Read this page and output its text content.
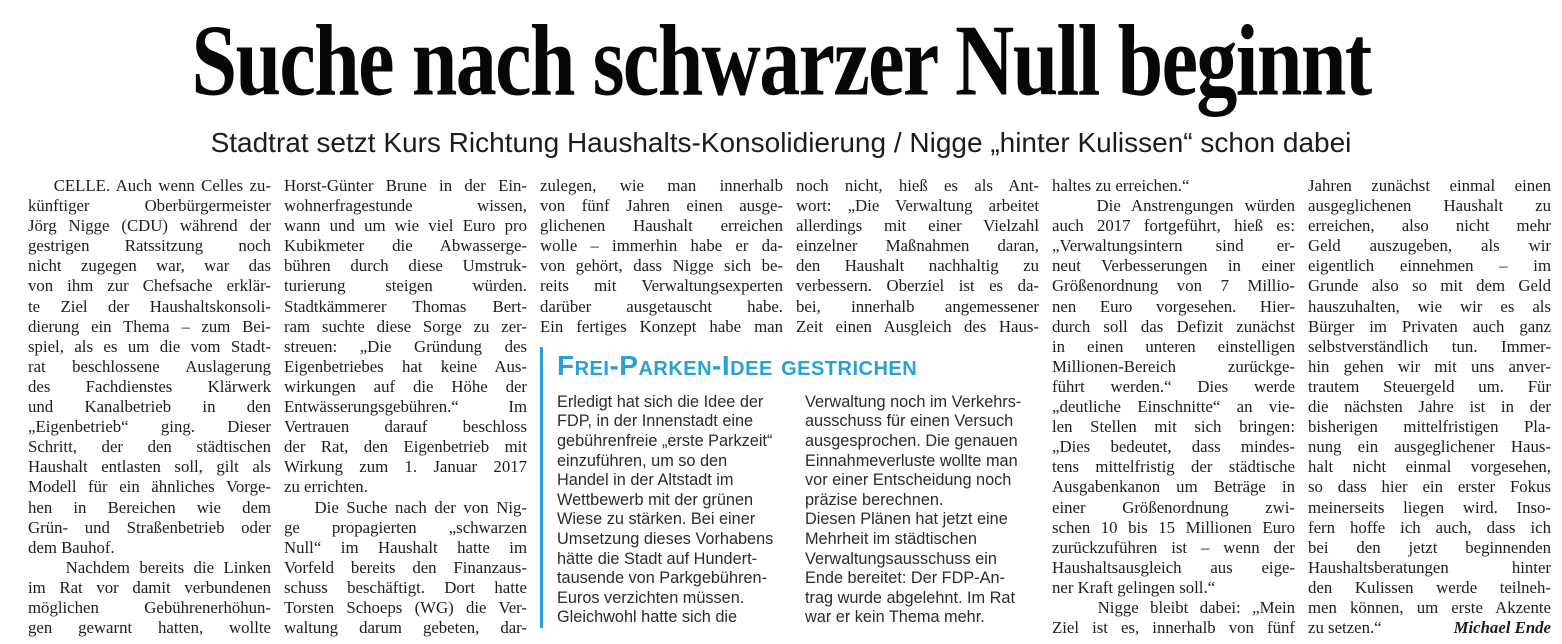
Suche nach schwarzer Null beginnt
Stadtrat setzt Kurs Richtung Haushalts-Konsolidierung / Nigge „hinter Kulissen“ schon dabei
CELLE. Auch wenn Celles zu-
künftiger Oberbürgermeister
Jörg Nigge (CDU) während der
gestrigen Ratssitzung noch
nicht zugegen war, war das
von ihm zur Chefsache erklär-
te Ziel der Haushaltskonsoli-
dierung ein Thema – zum Bei-
spiel, als es um die vom Stadt-
rat beschlossene Auslagerung
des Fachdienstes Klärwerk
und Kanalbetrieb in den
„Eigenbetrieb“ ging. Dieser
Schritt, der den städtischen
Haushalt entlasten soll, gilt als
Modell für ein ähnliches Vorge-
hen in Bereichen wie dem
Grün- und Straßenbetrieb oder
dem Bauhof.
Nachdem bereits die Linken
im Rat vor damit verbundenen
möglichen Gebührenerhöhun-
gen gewarnt hatten, wollte
Horst-Günter Brune in der Ein-
wohnerfragestunde wissen,
wann und um wie viel Euro pro
Kubikmeter die Abwasserge-
bühren durch diese Umstruk-
turierung steigen würden.
Stadtkämmerer Thomas Bert-
ram suchte diese Sorge zu zer-
streuen: „Die Gründung des
Eigenbetriebes hat keine Aus-
wirkungen auf die Höhe der
Entwässerungsgebühren.“ Im
Vertrauen darauf beschloss
der Rat, den Eigenbetrieb mit
Wirkung zum 1. Januar 2017
zu errichten.
Die Suche nach der von Nig-
ge propagierten „schwarzen
Null“ im Haushalt hatte im
Vorfeld bereits den Finanzaus-
schuss beschäftigt. Dort hatte
Torsten Schoeps (WG) die Ver-
waltung darum gebeten, dar-
zulegen, wie man innerhalb
von fünf Jahren einen ausge-
glichenen Haushalt erreichen
wolle – immerhin habe er da-
von gehört, dass Nigge sich be-
reits mit Verwaltungsexperten
darüber ausgetauscht habe.
Ein fertiges Konzept habe man
noch nicht, hieß es als Ant-
wort: „Die Verwaltung arbeitet
allerdings mit einer Vielzahl
einzelner Maßnahmen daran,
den Haushalt nachhaltig zu
verbessern. Oberziel ist es da-
bei, innerhalb angemessener
Zeit einen Ausgleich des Haus-
Frei-Parken-Idee gestrichen
Erledigt hat sich die Idee der
FDP, in der Innenstadt eine
gebührenfreie „erste Parkzeit“
einzuführen, um so den
Handel in der Altstadt im
Wettbewerb mit der grünen
Wiese zu stärken. Bei einer
Umsetzung dieses Vorhabens
hätte die Stadt auf Hundert-
tausende von Parkgebühren-
Euros verzichten müssen.
Gleichwohl hatte sich die
Verwaltung noch im Verkehrs-
ausschuss für einen Versuch
ausgesprochen. Die genauen
Einnahmeverluste wollte man
vor einer Entscheidung noch
präzise berechnen.
Diesen Plänen hat jetzt eine
Mehrheit im städtischen
Verwaltungsausschuss ein
Ende bereitet: Der FDP-An-
trag wurde abgelehnt. Im Rat
war er kein Thema mehr.
haltes zu erreichen.“
Die Anstrengungen würden
auch 2017 fortgeführt, hieß es:
„Verwaltungsintern sind er-
neut Verbesserungen in einer
Größenordnung von 7 Millio-
nen Euro vorgesehen. Hier-
durch soll das Defizit zunächst
in einen unteren einstelligen
Millionen-Bereich zurückge-
führt werden.“ Dies werde
„deutliche Einschnitte“ an vie-
len Stellen mit sich bringen:
„Dies bedeutet, dass mindes-
tens mittelfristig der städtische
Ausgabenkanon um Beträge in
einer Größenordnung zwi-
schen 10 bis 15 Millionen Euro
zurückzuführen ist – wenn der
Haushaltsausgleich aus eige-
ner Kraft gelingen soll.“
Nigge bleibt dabei: „Mein
Ziel ist es, innerhalb von fünf
Jahren zunächst einmal einen
ausgeglichenen Haushalt zu
erreichen, also nicht mehr
Geld auszugeben, als wir
eigentlich einnehmen – im
Grunde also so mit dem Geld
hauszuhalten, wie wir es als
Bürger im Privaten auch ganz
selbstverständlich tun. Immer-
hin gehen wir mit uns anver-
trautem Steuergeld um. Für
die nächsten Jahre ist in der
bisherigen mittelfristigen Pla-
nung ein ausgeglichener Haus-
halt nicht einmal vorgesehen,
so dass hier ein erster Fokus
meinerseits liegen wird. Inso-
fern hoffe ich auch, dass ich
bei den jetzt beginnenden
Haushaltsberatungen hinter
den Kulissen werde teilneh-
men können, um erste Akzente
zu setzen.“	Michael Ende
